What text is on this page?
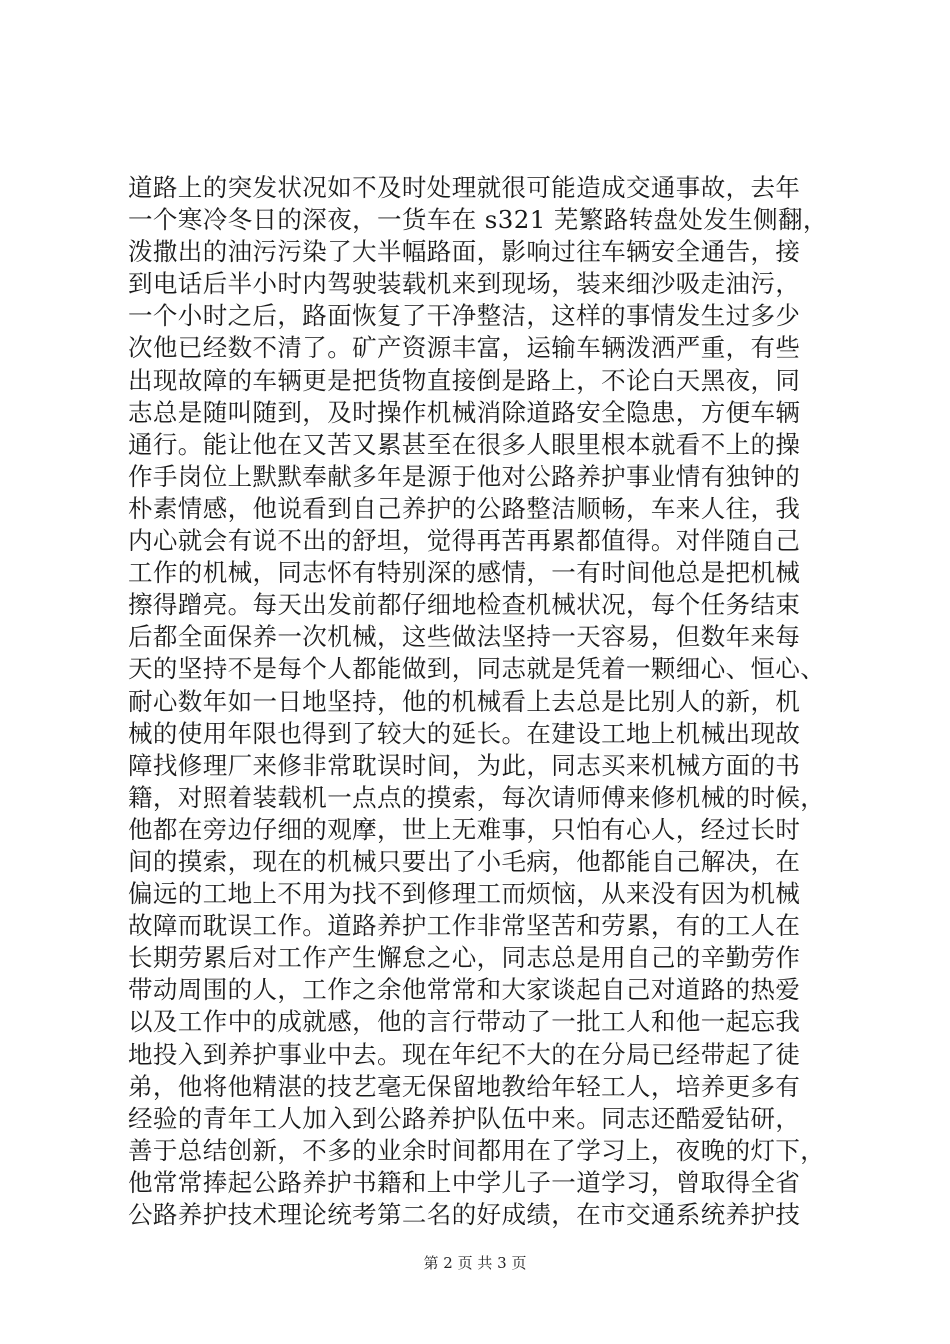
道路上的突发状况如不及时处理就很可能造成交通事故，去年
一个寒冷冬日的深夜，一货车在 s321 芜繁路转盘处发生侧翻，
泼撒出的油污污染了大半幅路面，影响过往车辆安全通告，接
到电话后半小时内驾驶装载机来到现场，装来细沙吸走油污，
一个小时之后，路面恢复了干净整洁，这样的事情发生过多少
次他已经数不清了。矿产资源丰富，运输车辆泼洒严重，有些
出现故障的车辆更是把货物直接倒是路上，不论白天黑夜，同
志总是随叫随到，及时操作机械消除道路安全隐患，方便车辆
通行。能让他在又苦又累甚至在很多人眼里根本就看不上的操
作手岗位上默默奉献多年是源于他对公路养护事业情有独钟的
朴素情感，他说看到自己养护的公路整洁顺畅，车来人往，我
内心就会有说不出的舒坦，觉得再苦再累都值得。对伴随自己
工作的机械，同志怀有特别深的感情，一有时间他总是把机械
擦得蹭亮。每天出发前都仔细地检查机械状况，每个任务结束
后都全面保养一次机械，这些做法坚持一天容易，但数年来每
天的坚持不是每个人都能做到，同志就是凭着一颗细心、恒心、
耐心数年如一日地坚持，他的机械看上去总是比别人的新，机
械的使用年限也得到了较大的延长。在建设工地上机械出现故
障找修理厂来修非常耽误时间，为此，同志买来机械方面的书
籍，对照着装载机一点点的摸索，每次请师傅来修机械的时候，
他都在旁边仔细的观摩，世上无难事，只怕有心人，经过长时
间的摸索，现在的机械只要出了小毛病，他都能自己解决，在
偏远的工地上不用为找不到修理工而烦恼，从来没有因为机械
故障而耽误工作。道路养护工作非常坚苦和劳累，有的工人在
长期劳累后对工作产生懈怠之心，同志总是用自己的辛勤劳作
带动周围的人，工作之余他常常和大家谈起自己对道路的热爱
以及工作中的成就感，他的言行带动了一批工人和他一起忘我
地投入到养护事业中去。现在年纪不大的在分局已经带起了徒
弟，他将他精湛的技艺毫无保留地教给年轻工人，培养更多有
经验的青年工人加入到公路养护队伍中来。同志还酷爱钻研，
善于总结创新，不多的业余时间都用在了学习上，夜晚的灯下，
他常常捧起公路养护书籍和上中学儿子一道学习，曾取得全省
公路养护技术理论统考第二名的好成绩，在市交通系统养护技
第 2 页 共 3 页
